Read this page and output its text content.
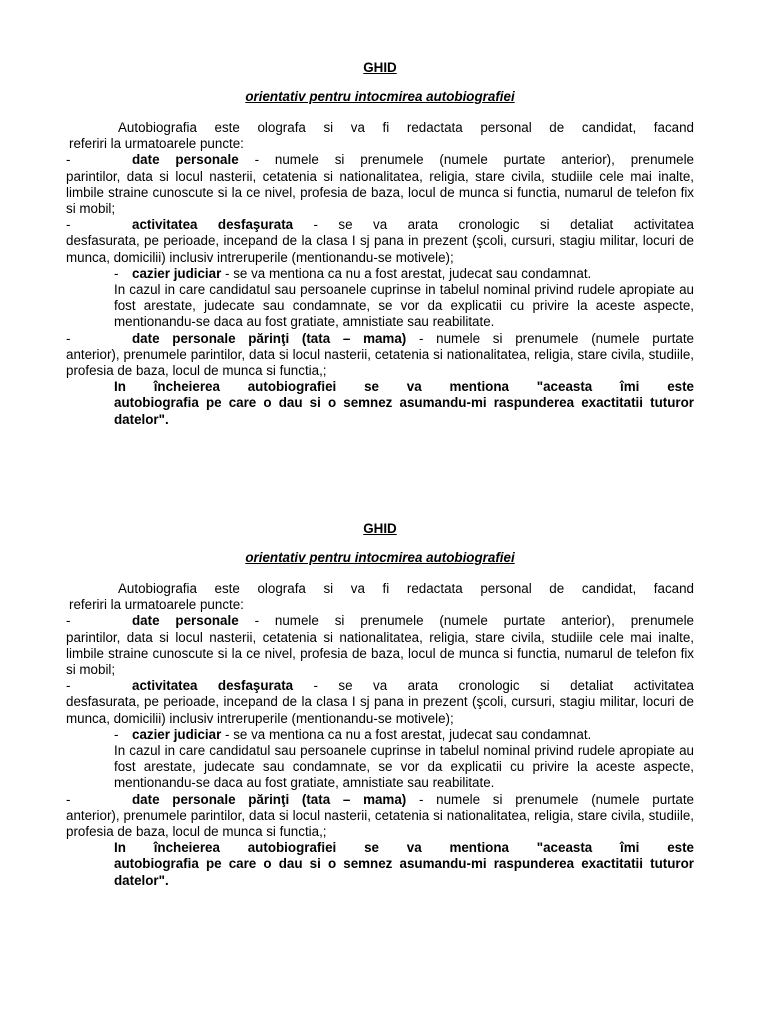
GHID

orientativ pentru intocmirea autobiografiei

Autobiografia este olografa si va fi redactata personal de candidat, facand

referiri la urmatoarele puncte:

-	date personale - numele si prenumele (numele purtate anterior), prenumele

parintilor, data si locul nasterii, cetatenia si nationalitatea, religia, stare civila, studiile cele mai inalte, limbile straine cunoscute si la ce nivel, profesia de baza, locul de munca si functia, numarul de telefon fix si mobil;

-	activitatea desfaşurata - se va arata cronologic si detaliat activitatea

desfasurata, pe perioade, incepand de la clasa I sj pana in prezent (şcoli, cursuri, stagiu militar, locuri de munca, domicilii) inclusiv intreruperile (mentionandu-se motivele);

-	cazier judiciar - se va mentiona ca nu a fost arestat, judecat sau condamnat.

In cazul in care candidatul sau persoanele cuprinse in tabelul nominal privind rudele apropiate au fost arestate, judecate sau condamnate, se vor da explicatii cu privire la aceste aspecte, mentionandu-se daca au fost gratiate, amnistiate sau reabilitate.

-	date personale părinţi (tata – mama) - numele si prenumele (numele purtate

anterior), prenumele parintilor, data si locul nasterii, cetatenia si nationalitatea, religia, stare civila, studiile, profesia de baza, locul de munca si functia,;

In încheierea autobiografiei se va mentiona "aceasta îmi este
autobiografia pe care o dau si o semnez asumandu-mi raspunderea exactitatii tuturor datelor".

GHID

orientativ pentru intocmirea autobiografiei

Autobiografia este olografa si va fi redactata personal de candidat, facand

referiri la urmatoarele puncte:

-	date personale - numele si prenumele (numele purtate anterior), prenumele

parintilor, data si locul nasterii, cetatenia si nationalitatea, religia, stare civila, studiile cele mai inalte, limbile straine cunoscute si la ce nivel, profesia de baza, locul de munca si functia, numarul de telefon fix si mobil;

-	activitatea desfaşurata - se va arata cronologic si detaliat activitatea

desfasurata, pe perioade, incepand de la clasa I sj pana in prezent (şcoli, cursuri, stagiu militar, locuri de munca, domicilii) inclusiv intreruperile (mentionandu-se motivele);

-	cazier judiciar - se va mentiona ca nu a fost arestat, judecat sau condamnat.

In cazul in care candidatul sau persoanele cuprinse in tabelul nominal privind rudele apropiate au fost arestate, judecate sau condamnate, se vor da explicatii cu privire la aceste aspecte, mentionandu-se daca au fost gratiate, amnistiate sau reabilitate.

-	date personale părinţi (tata – mama) - numele si prenumele (numele purtate

anterior), prenumele parintilor, data si locul nasterii, cetatenia si nationalitatea, religia, stare civila, studiile, profesia de baza, locul de munca si functia,;

In încheierea autobiografiei se va mentiona "aceasta îmi este
autobiografia pe care o dau si o semnez asumandu-mi raspunderea exactitatii tuturor datelor".
